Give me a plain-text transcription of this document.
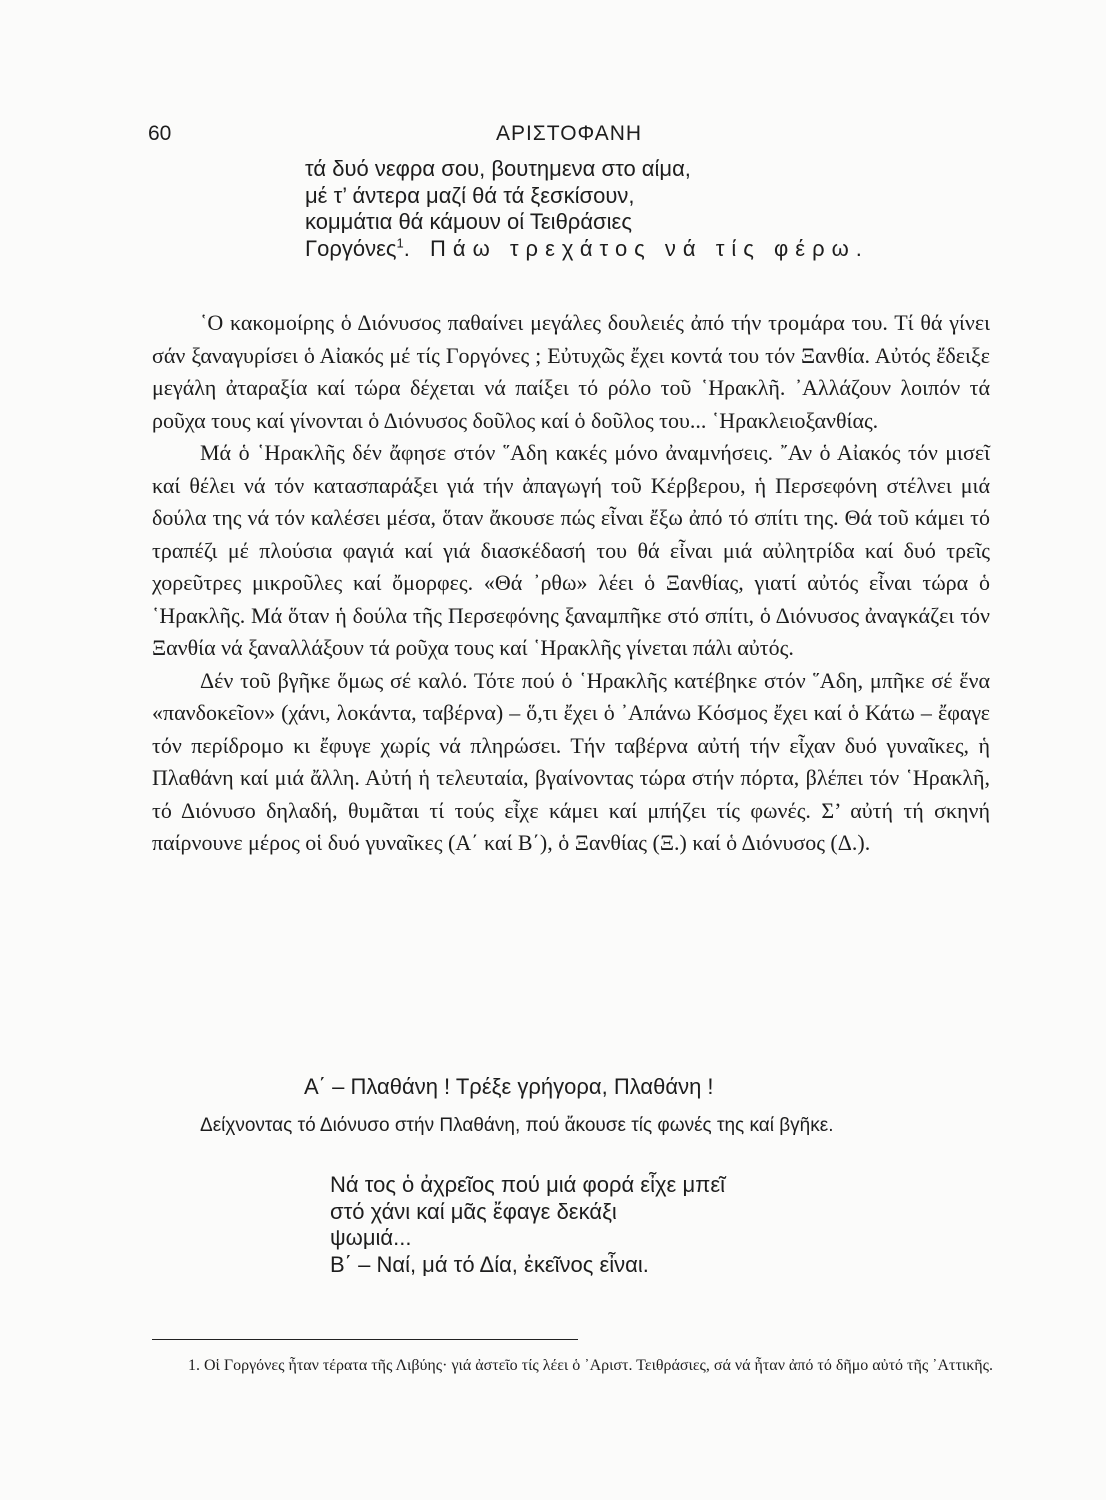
60	ΑΡΙΣΤΟΦΑΝΗ
τά δυό νεφρα σου, βουτημενα στο αίμα,
μέ τ’ άντερα μαζί θά τά ξεσκίσουν,
κομμάτια θά κάμουν οί Τειθράσιες
Γοργόνες$^1$. Πάω τρεχάτος νά τίς φέρω.

῾Ο κακομοίρης ὁ Διόνυσος παθαίνει μεγάλες δουλειές ἀπό τήν τρομάρα του. Τί θά γίνει σάν ξαναγυρίσει ὁ Αἰακός μέ τίς Γοργόνες ; Εὐτυχῶς ἔχει κοντά του τόν Ξανθία. Αὐτός ἔδειξε μεγάλη ἀταραξία καί τώρα δέχεται νά παίξει τό ρόλο τοῦ ῾Ηρακλῆ. ᾿Αλλάζουν λοιπόν τά ροῦχα τους καί γίνονται ὁ Διόνυσος δοῦλος καί ὁ δοῦλος του... ῾Ηρακλειοξανθίας.

Μά ὁ ῾Ηρακλῆς δέν ἄφησε στόν ῞Αδη κακές μόνο ἀναμνήσεις. ῎Αν ὁ Αἰακός τόν μισεῖ καί θέλει νά τόν κατασπαράξει γιά τήν ἀπαγωγή τοῦ Κέρβερου, ἡ Περσεφόνη στέλνει μιά δούλα της νά τόν καλέσει μέσα, ὅταν ἄκουσε πώς εἶναι ἔξω ἀπό τό σπίτι της. Θά τοῦ κάμει τό τραπέζι μέ πλούσια φαγιά καί γιά διασκέδασή του θά εἶναι μιά αὐλητρίδα καί δυό τρεῖς χορεῦτρες μικροῦλες καί ὄμορφες. «Θά ᾽ρθω» λέει ὁ Ξανθίας, γιατί αὐτός εἶναι τώρα ὁ ῾Ηρακλῆς. Μά ὅταν ἡ δούλα τῆς Περσεφόνης ξαναμπῆκε στό σπίτι, ὁ Διόνυσος ἀναγκάζει τόν Ξανθία νά ξαναλλάξουν τά ροῦχα τους καί ῾Ηρακλῆς γίνεται πάλι αὐτός.

Δέν τοῦ βγῆκε ὅμως σέ καλό. Τότε πού ὁ ῾Ηρακλῆς κατέβηκε στόν ῞Αδη, μπῆκε σέ ἕνα «πανδοκεῖον» (χάνι, λοκάντα, ταβέρνα) – ὅ,τι ἔχει ὁ ᾿Απάνω Κόσμος ἔχει καί ὁ Κάτω – ἔφαγε τόν περίδρομο κι ἔφυγε χωρίς νά πληρώσει. Τήν ταβέρνα αὐτή τήν εἶχαν δυό γυναῖκες, ἡ Πλαθάνη καί μιά ἄλλη. Αὐτή ἡ τελευταία, βγαίνοντας τώρα στήν πόρτα, βλέπει τόν ῾Ηρακλῆ, τό Διόνυσο δηλαδή, θυμᾶται τί τούς εἶχε κάμει καί μπήζει τίς φωνές. Σ’ αὐτή τή σκηνή παίρνουνε μέρος οἱ δυό γυναῖκες (Α΄ καί Β΄), ὁ Ξανθίας (Ξ.) καί ὁ Διόνυσος (Δ.).

Α΄ – Πλαθάνη ! Τρέξε γρήγορα, Πλαθάνη !

Δείχνοντας τό Διόνυσο στήν Πλαθάνη, πού ἄκουσε τίς φωνές της καί βγῆκε.

Νά τος ὁ ἀχρεῖος πού μιά φορά εἶχε μπεῖ
στό χάνι καί μᾶς ἔφαγε δεκάξι
ψωμιά...
Β΄ – Ναί, μά τό Δία, ἐκεῖνος εἶναι.

1. Οἱ Γοργόνες ἦταν τέρατα τῆς Λιβύης· γιά ἀστεῖο τίς λέει ὁ ᾿Αριστ. Τειθράσιες, σά νά ἦταν ἀπό τό δῆμο αὐτό τῆς ᾿Αττικῆς.
